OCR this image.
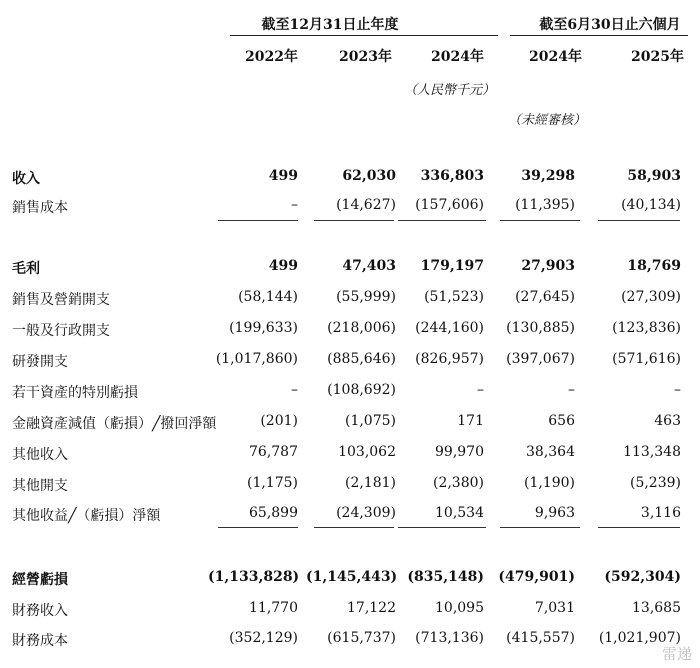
截至12月31日止年度	截至6月30日止六個月
2022年	2023年	2024年	2024年	2025年
（人民幣千元）
（未經審核）
收入	499	62,030	336,803	39,298	58,903
銷售成本	–	(14,627)	(157,606)	(11,395)	(40,134)
毛利	499	47,403	179,197	27,903	18,769
銷售及營銷開支	(58,144)	(55,999)	(51,523)	(27,645)	(27,309)
一般及行政開支	(199,633)	(218,006)	(244,160)	(130,885)	(123,836)
研發開支	(1,017,860)	(885,646)	(826,957)	(397,067)	(571,616)
若干資產的特別虧損	–	(108,692)	–	–	–
金融資產減值（虧損）╱撥回淨額	(201)	(1,075)	171	656	463
其他收入	76,787	103,062	99,970	38,364	113,348
其他開支	(1,175)	(2,181)	(2,380)	(1,190)	(5,239)
其他收益╱（虧損）淨額	65,899	(24,309)	10,534	9,963	3,116
經營虧損	(1,133,828) (1,145,443) (835,148)	(479,901)	(592,304)
財務收入	11,770	17,122	10,095	7,031	13,685
財務成本	(352,129)	(615,737)	(713,136)	(415,557)	(1,021,907)
雷递
